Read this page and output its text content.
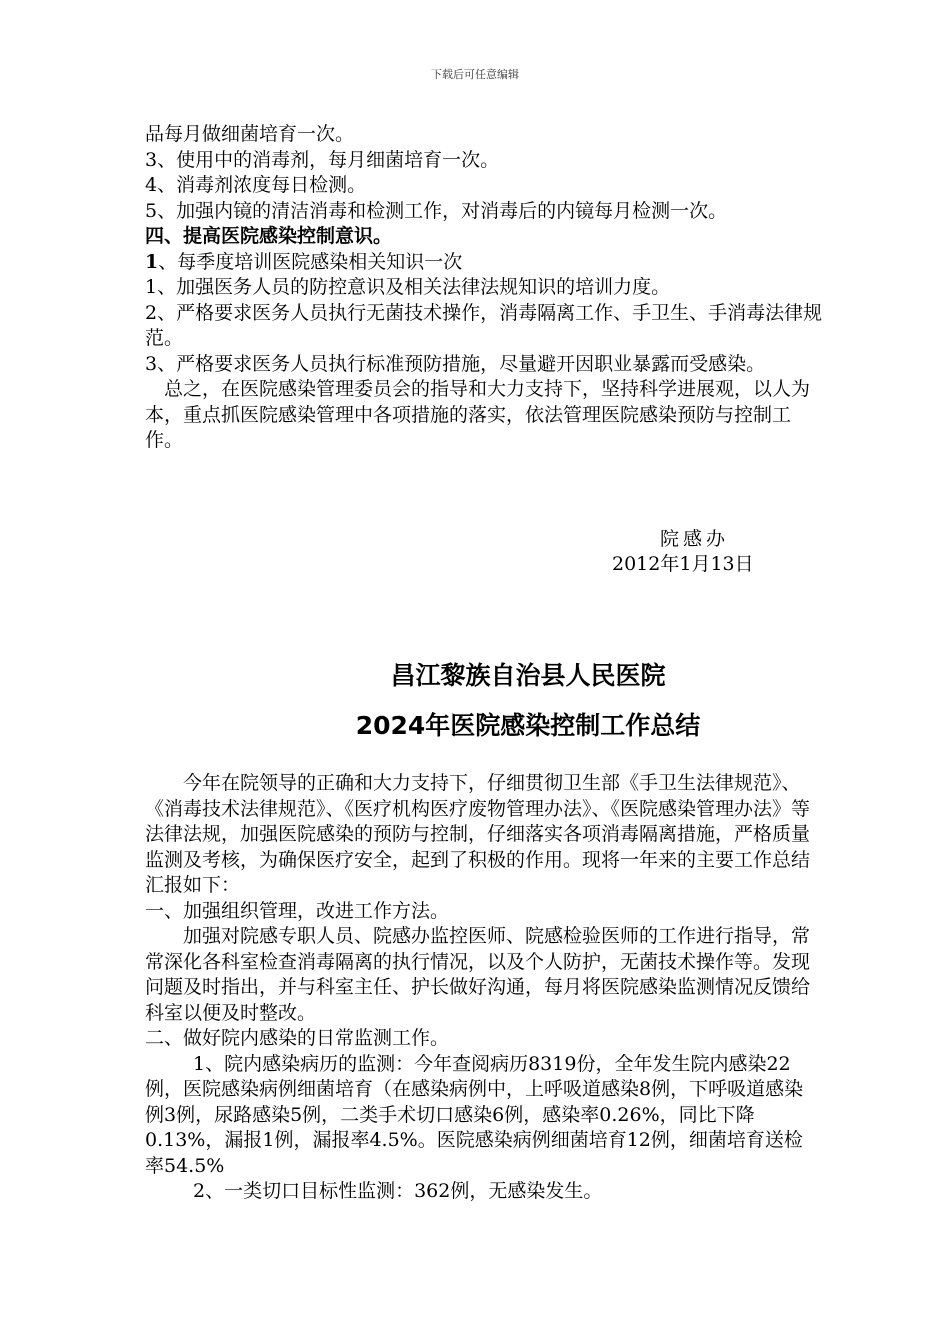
下载后可任意编辑

品每月做细菌培育一次。

3、使用中的消毒剂，每月细菌培育一次。

4、消毒剂浓度每日检测。

5、加强内镜的清洁消毒和检测工作，对消毒后的内镜每月检测一次。

四、提高医院感染控制意识。

1、每季度培训医院感染相关知识一次

1、加强医务人员的防控意识及相关法律法规知识的培训力度。

2、严格要求医务人员执行无菌技术操作，消毒隔离工作、手卫生、手消毒法律规范。

3、严格要求医务人员执行标准预防措施，尽量避开因职业暴露而受感染。

总之，在医院感染管理委员会的指导和大力支持下，坚持科学进展观，以人为本，重点抓医院感染管理中各项措施的落实，依法管理医院感染预防与控制工作。

院感办
2012年1月13日
昌江黎族自治县人民医院
2024年医院感染控制工作总结

今年在院领导的正确和大力支持下，仔细贯彻卫生部《手卫生法律规范》、《消毒技术法律规范》、《医疗机构医疗废物管理办法》、《医院感染管理办法》等法律法规，加强医院感染的预防与控制，仔细落实各项消毒隔离措施，严格质量监测及考核，为确保医疗安全，起到了积极的作用。现将一年来的主要工作总结汇报如下：

一、加强组织管理，改进工作方法。

加强对院感专职人员、院感办监控医师、院感检验医师的工作进行指导，常常深化各科室检查消毒隔离的执行情况，以及个人防护，无菌技术操作等。发现问题及时指出，并与科室主任、护长做好沟通，每月将医院感染监测情况反馈给科室以便及时整改。

二、做好院内感染的日常监测工作。

1、院内感染病历的监测：今年查阅病历8319份，全年发生院内感染22例，医院感染病例细菌培育（在感染病例中，上呼吸道感染8例，下呼吸道感染例3例，尿路感染5例，二类手术切口感染6例，感染率0.26%，同比下降0.13%，漏报1例，漏报率4.5%。医院感染病例细菌培育12例，细菌培育送检率54.5%

2、一类切口目标性监测：362例，无感染发生。
